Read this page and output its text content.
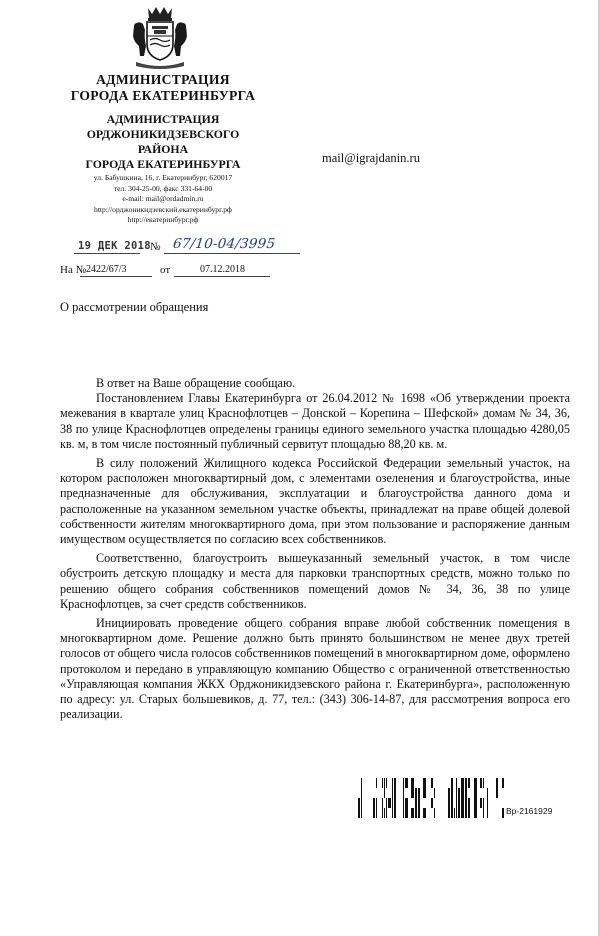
АДМИНИСТРАЦИЯ
ГОРОДА ЕКАТЕРИНБУРГА
АДМИНИСТРАЦИЯ
ОРДЖОНИКИДЗЕВСКОГО
РАЙОНА
ГОРОДА ЕКАТЕРИНБУРГА
ул. Бабушкина, 16, г. Екатеринбург, 620017
тел. 304-25-00, факс 331-64-00
e-mail: mail@ordadmin.ru
http://орджоникидзевский.екатеринбург.рф
http://екатеринбург.рф
mail@igrajdanin.ru
19 ДЕК 2018 № 67/10-04/3995
На № 2422/67/3	от	07.12.2018
О рассмотрении обращения

В ответ на Ваше обращение сообщаю.

Постановлением Главы Екатеринбурга от 26.04.2012 № 1698 «Об утверждении проекта межевания в квартале улиц Краснофлотцев – Донской – Корепина – Шефской» домам № 34, 36, 38 по улице Краснофлотцев определены границы единого земельного участка площадью 4280,05 кв. м, в том числе постоянный публичный сервитут площадью 88,20 кв. м.

В силу положений Жилищного кодекса Российской Федерации земельный участок, на котором расположен многоквартирный дом, с элементами озеленения и благоустройства, иные предназначенные для обслуживания, эксплуатации и благоустройства данного дома и расположенные на указанном земельном участке объекты, принадлежат на праве общей долевой собственности жителям многоквартирного дома, при этом пользование и распоряжение данным имуществом осуществляется по согласию всех собственников.

Соответственно, благоустроить вышеуказанный земельный участок, в том числе обустроить детскую площадку и места для парковки транспортных средств, можно только по решению общего собрания собственников помещений домов № 34, 36, 38 по улице Краснофлотцев, за счет средств собственников.

Инициировать проведение общего собрания вправе любой собственник помещения в многоквартирном доме. Решение должно быть принято большинством не менее двух третей голосов от общего числа голосов собственников помещений в многоквартирном доме, оформлено протоколом и передано в управляющую компанию Общество с ограниченной ответственностью «Управляющая компания ЖКХ Орджоникидзевского района г. Екатеринбурга», расположенную по адресу: ул. Старых большевиков, д. 77, тел.: (343) 306-14-87, для рассмотрения вопроса его реализации.

Вр-2161929
